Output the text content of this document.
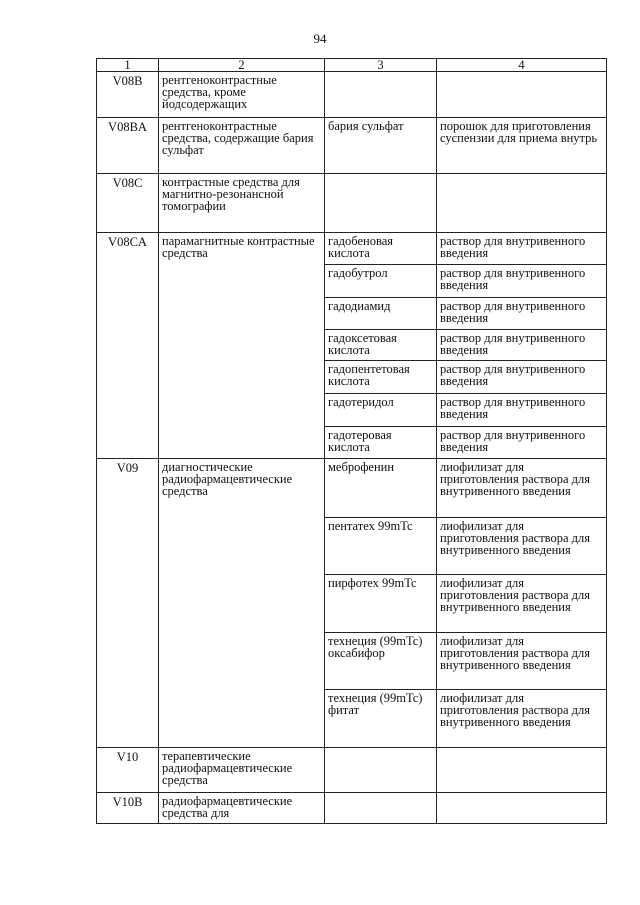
94
1	2	3	4
V08B	рентгеноконтрастные средства, кроме йодсодержащих		
V08BA	рентгеноконтрастные средства, содержащие бария сульфат	бария сульфат	порошок для приготовления суспензии для приема внутрь
V08C	контрастные средства для магнитно-резонансной томографии		
V08CA	парамагнитные контрастные средства	гадобеновая кислота	раствор для внутривенного введения
		гадобутрол	раствор для внутривенного введения
		гадодиамид	раствор для внутривенного введения
		гадоксетовая кислота	раствор для внутривенного введения
		гадопентетовая кислота	раствор для внутривенного введения
		гадотеридол	раствор для внутривенного введения
		гадотеровая кислота	раствор для внутривенного введения
V09	диагностические радиофармацевтические средства	меброфенин	лиофилизат для приготовления раствора для внутривенного введения
		пентатех 99mTc	лиофилизат для приготовления раствора для внутривенного введения
		пирфотех 99mTc	лиофилизат для приготовления раствора для внутривенного введения
		технеция (99mTc) оксабифор	лиофилизат для приготовления раствора для внутривенного введения
		технеция (99mTc) фитат	лиофилизат для приготовления раствора для внутривенного введения
V10	терапевтические радиофармацевтические средства		
V10B	радиофармацевтические средства для		
